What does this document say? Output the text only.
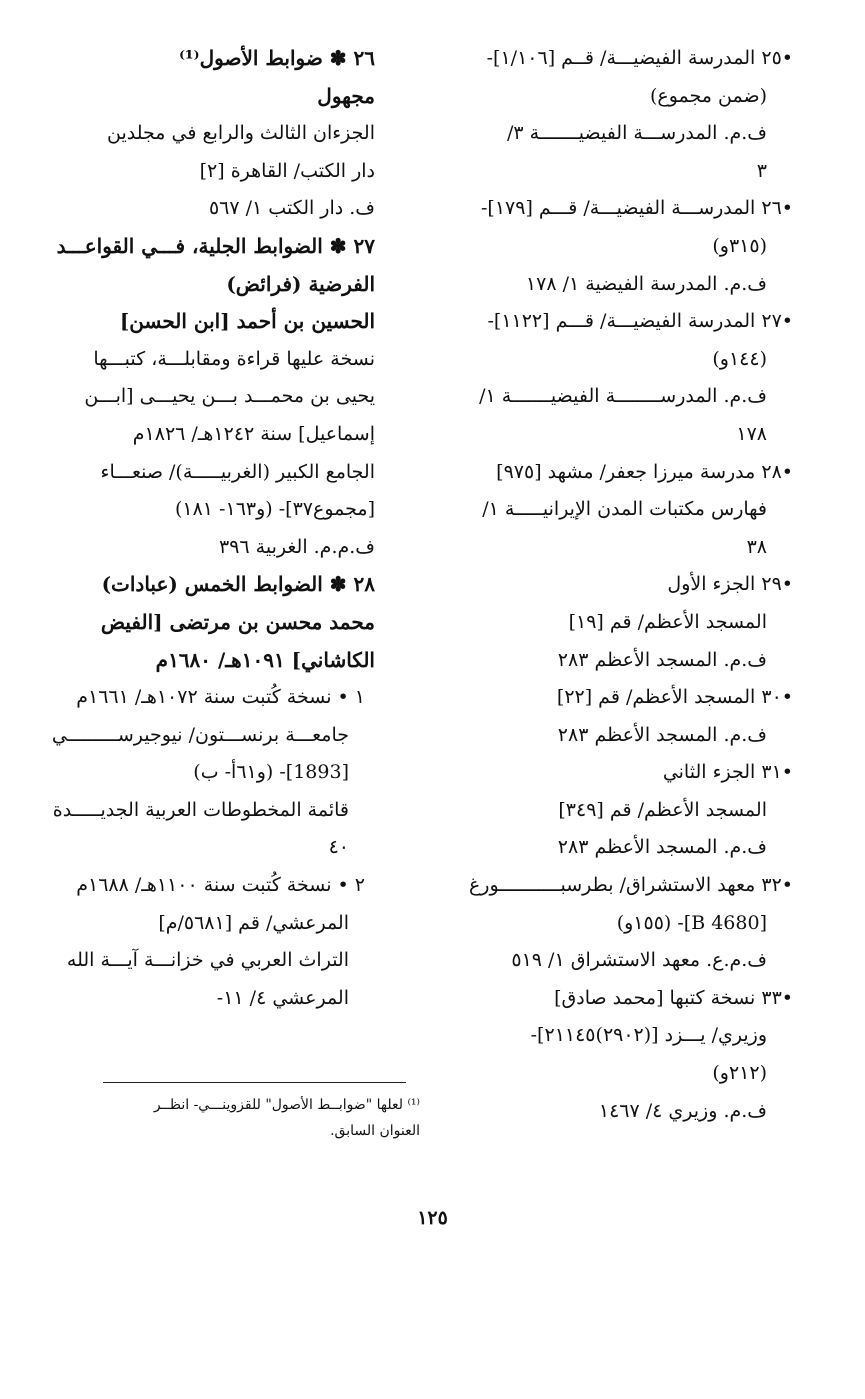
•٢٥ المدرسة الفيضيـــة/ قــم [١/١٠٦]-
(ضمن مجموع)
ف.م. المدرســـة الفيضيـــــــة ٣/
٣
•٢٦ المدرســـة الفيضيـــة/ قـــم [١٧٩]-
(٣١٥و)
ف.م. المدرسة الفيضية ١/ ١٧٨
•٢٧ المدرسة الفيضيـــة/ قـــم [١١٢٢]-
(١٤٤و)
ف.م. المدرســــــــة الفيضيـــــــة ١/
١٧٨
•٢٨ مدرسة ميرزا جعفر/ مشهد [٩٧٥]
فهارس مكتبات المدن الإيرانيـــــة ١/
٣٨
•٢٩ الجزء الأول
المسجد الأعظم/ قم [١٩]
ف.م. المسجد الأعظم ٢٨٣
•٣٠ المسجد الأعظم/ قم [٢٢]
ف.م. المسجد الأعظم ٢٨٣
•٣١ الجزء الثاني
المسجد الأعظم/ قم [٣٤٩]
ف.م. المسجد الأعظم ٢٨٣
•٣٢ معهد الاستشراق/ بطرسبـــــــــــورغ
[B 4680]- (١٥٥و)
ف.م.ع. معهد الاستشراق ١/ ٥١٩
•٣٣ نسخة كتبها [محمد صادق]
وزيري/ يـــزد [(٢٩٠٢)٢١١٤٥]-
(٢١٢و)
ف.م. وزيري ٤/ ١٤٦٧
٢٦ ✽ ضوابط الأصول⁽¹⁾
مجهول
الجزءان الثالث والرابع في مجلدين
دار الكتب/ القاهرة [٢]
ف. دار الكتب ١/ ٥٦٧
٢٧ ✽ الضوابط الجلية، فـــي القواعـــد
الفرضية (فرائض)
الحسين بن أحمد [ابن الحسن]
نسخة عليها قراءة ومقابلـــة، كتبـــها
يحيى بن محمـــد بـــن يحيـــى [ابـــن
إسماعيل] سنة ١٢٤٢هـ/ ١٨٢٦م
الجامع الكبير (الغربيـــــة)/ صنعـــاء
[مجموع٣٧]- (و١٦٣- ١٨١)
ف.م.م. الغربية ٣٩٦
٢٨ ✽ الضوابط الخمس (عبادات)
محمد محسن بن مرتضى [الفيض
الكاشاني] ١٠٩١هـ/ ١٦٨٠م
١ • نسخة كُتبت سنة ١٠٧٢هـ/ ١٦٦١م
جامعـــة برنســـتون/ نيوجيرســـــــــي
[1893]- (و٦١أ- ب)
قائمة المخطوطات العربية الجديـــــدة
٤٠
٢ • نسخة كُتبت سنة ١١٠٠هـ/ ١٦٨٨م
المرعشي/ قم [٥٦٨١/م]
التراث العربي في خزانـــة آيـــة الله
المرعشي ٤/ ١١-
⁽¹⁾ لعلها "ضوابــط الأصول" للقزوينـــي- انظــر
العنوان السابق.
١٢٥
